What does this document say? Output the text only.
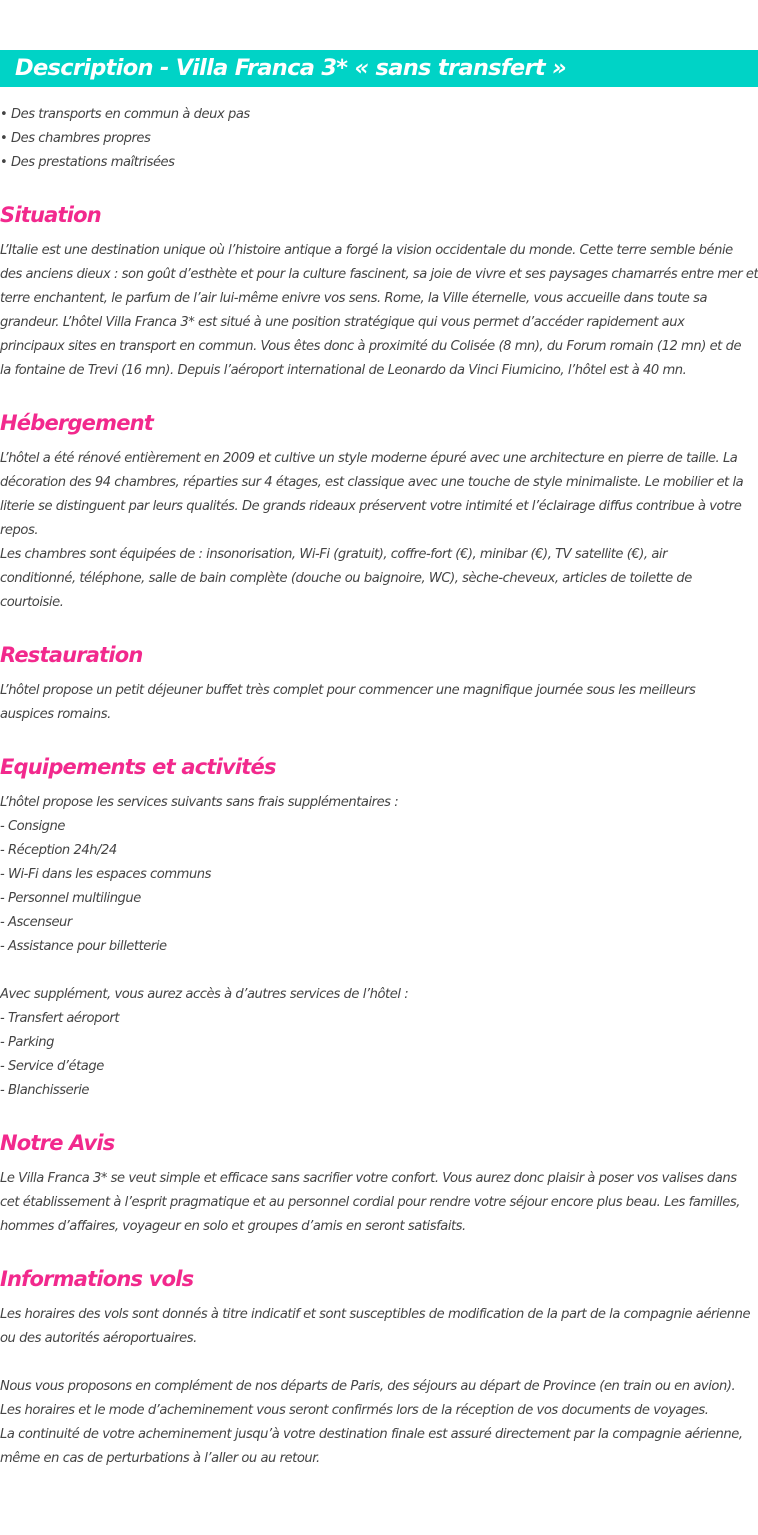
Description - Villa Franca 3* « sans transfert »
• Des transports en commun à deux pas
• Des chambres propres
• Des prestations maîtrisées
Situation
L’Italie est une destination unique où l’histoire antique a forgé la vision occidentale du monde. Cette terre semble bénie
des anciens dieux : son goût d’esthète et pour la culture fascinent, sa joie de vivre et ses paysages chamarrés entre mer et
terre enchantent, le parfum de l’air lui-même enivre vos sens. Rome, la Ville éternelle, vous accueille dans toute sa
grandeur. L’hôtel Villa Franca 3* est situé à une position stratégique qui vous permet d’accéder rapidement aux
principaux sites en transport en commun. Vous êtes donc à proximité du Colisée (8 mn), du Forum romain (12 mn) et de
la fontaine de Trevi (16 mn). Depuis l’aéroport international de Leonardo da Vinci Fiumicino, l’hôtel est à 40 mn.
Hébergement
L’hôtel a été rénové entièrement en 2009 et cultive un style moderne épuré avec une architecture en pierre de taille. La
décoration des 94 chambres, réparties sur 4 étages, est classique avec une touche de style minimaliste. Le mobilier et la
literie se distinguent par leurs qualités. De grands rideaux préservent votre intimité et l’éclairage diffus contribue à votre
repos.
Les chambres sont équipées de : insonorisation, Wi-Fi (gratuit), coffre-fort (€), minibar (€), TV satellite (€), air
conditionné, téléphone, salle de bain complète (douche ou baignoire, WC), sèche-cheveux, articles de toilette de
courtoisie.
Restauration
L’hôtel propose un petit déjeuner buffet très complet pour commencer une magnifique journée sous les meilleurs
auspices romains.
Equipements et activités
L’hôtel propose les services suivants sans frais supplémentaires :
- Consigne
- Réception 24h/24
- Wi-Fi dans les espaces communs
- Personnel multilingue
- Ascenseur
- Assistance pour billetterie
Avec supplément, vous aurez accès à d’autres services de l’hôtel :
- Transfert aéroport
- Parking
- Service d’étage
- Blanchisserie
Notre Avis
Le Villa Franca 3* se veut simple et efficace sans sacrifier votre confort. Vous aurez donc plaisir à poser vos valises dans
cet établissement à l’esprit pragmatique et au personnel cordial pour rendre votre séjour encore plus beau. Les familles,
hommes d’affaires, voyageur en solo et groupes d’amis en seront satisfaits.
Informations vols
Les horaires des vols sont donnés à titre indicatif et sont susceptibles de modification de la part de la compagnie aérienne
ou des autorités aéroportuaires.
Nous vous proposons en complément de nos départs de Paris, des séjours au départ de Province (en train ou en avion).
Les horaires et le mode d’acheminement vous seront confirmés lors de la réception de vos documents de voyages.
La continuité de votre acheminement jusqu’à votre destination finale est assuré directement par la compagnie aérienne,
même en cas de perturbations à l’aller ou au retour.
